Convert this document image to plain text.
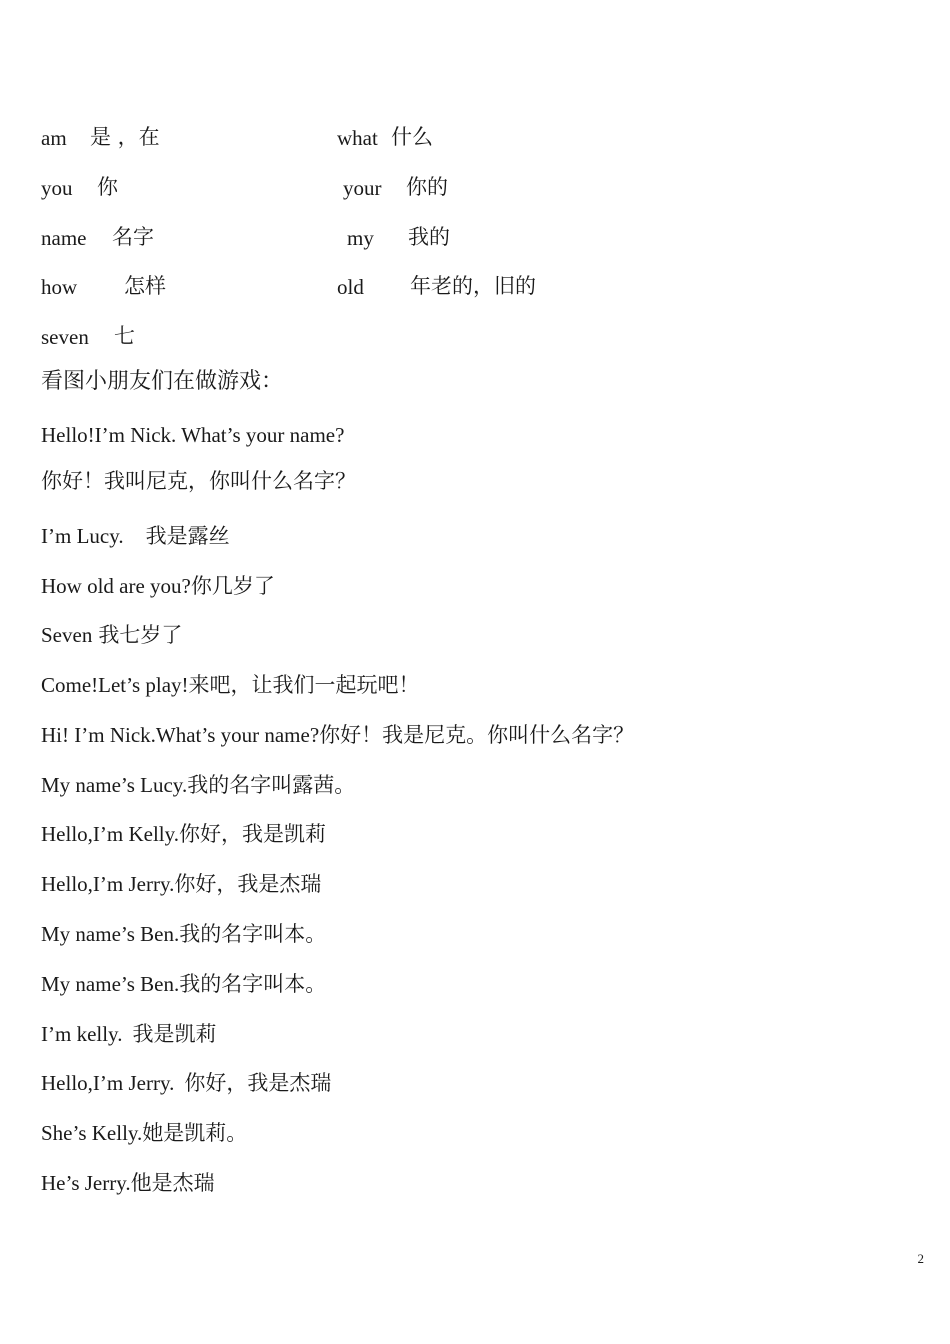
am 是 ，在	what 什么
you 你	your 你的
name 名字	my 我的
how 怎样	old 年老的，旧的
seven 七
看图小朋友们在做游戏：
Hello!I’m Nick. What’s your name?
你好！我叫尼克，你叫什么名字？
I’m Lucy. 我是露丝
How old are you?你几岁了
Seven 我七岁了
Come!Let’s play!来吧，让我们一起玩吧！
Hi! I’m Nick.What’s your name?你好！我是尼克。你叫什么名字？
My name’s Lucy.我的名字叫露茜。
Hello,I’m Kelly.你好，我是凯莉
Hello,I’m Jerry.你好，我是杰瑞
My name’s Ben.我的名字叫本。
My name’s Ben.我的名字叫本。
I’m kelly. 我是凯莉
Hello,I’m Jerry. 你好，我是杰瑞
She’s Kelly.她是凯莉。
He’s Jerry.他是杰瑞
2
